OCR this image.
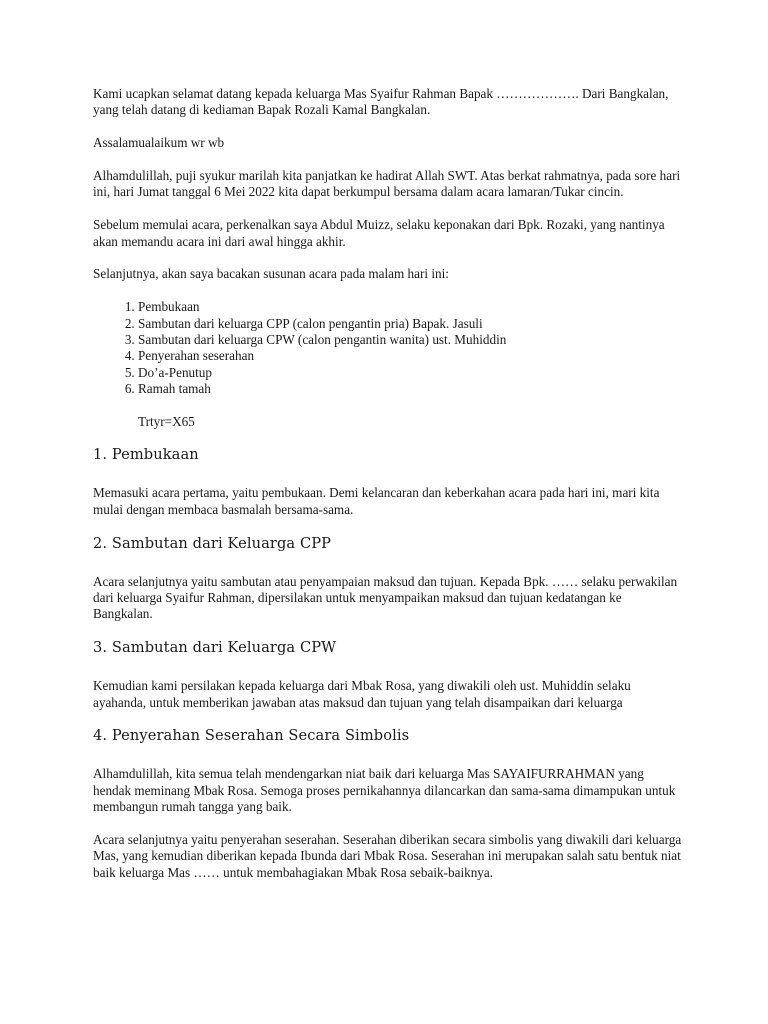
Kami ucapkan selamat datang kepada keluarga Mas Syaifur Rahman Bapak ………………. Dari Bangkalan, yang telah datang di kediaman Bapak Rozali Kamal Bangkalan.

Assalamualaikum wr wb

Alhamdulillah, puji syukur marilah kita panjatkan ke hadirat Allah SWT. Atas berkat rahmatnya, pada sore hari ini, hari Jumat tanggal 6 Mei 2022 kita dapat berkumpul bersama dalam acara lamaran/Tukar cincin.

Sebelum memulai acara, perkenalkan saya Abdul Muizz, selaku keponakan dari Bpk. Rozaki, yang nantinya akan memandu acara ini dari awal hingga akhir.

Selanjutnya, akan saya bacakan susunan acara pada malam hari ini:

1. Pembukaan
2. Sambutan dari keluarga CPP (calon pengantin pria) Bapak. Jasuli
3. Sambutan dari keluarga CPW (calon pengantin wanita) ust. Muhiddin
4. Penyerahan seserahan
5. Do’a-Penutup
6. Ramah tamah

Trtyr=X65

1. Pembukaan

Memasuki acara pertama, yaitu pembukaan. Demi kelancaran dan keberkahan acara pada hari ini, mari kita mulai dengan membaca basmalah bersama-sama.

2. Sambutan dari Keluarga CPP

Acara selanjutnya yaitu sambutan atau penyampaian maksud dan tujuan. Kepada Bpk. …… selaku perwakilan dari keluarga Syaifur Rahman, dipersilakan untuk menyampaikan maksud dan tujuan kedatangan ke Bangkalan.

3. Sambutan dari Keluarga CPW

Kemudian kami persilakan kepada keluarga dari Mbak Rosa, yang diwakili oleh ust. Muhiddin selaku ayahanda, untuk memberikan jawaban atas maksud dan tujuan yang telah disampaikan dari keluarga

4. Penyerahan Seserahan Secara Simbolis

Alhamdulillah, kita semua telah mendengarkan niat baik dari keluarga Mas SAYAIFURRAHMAN yang hendak meminang Mbak Rosa. Semoga proses pernikahannya dilancarkan dan sama-sama dimampukan untuk membangun rumah tangga yang baik.

Acara selanjutnya yaitu penyerahan seserahan. Seserahan diberikan secara simbolis yang diwakili dari keluarga Mas, yang kemudian diberikan kepada Ibunda dari Mbak Rosa. Seserahan ini merupakan salah satu bentuk niat baik keluarga Mas …… untuk membahagiakan Mbak Rosa sebaik-baiknya.
